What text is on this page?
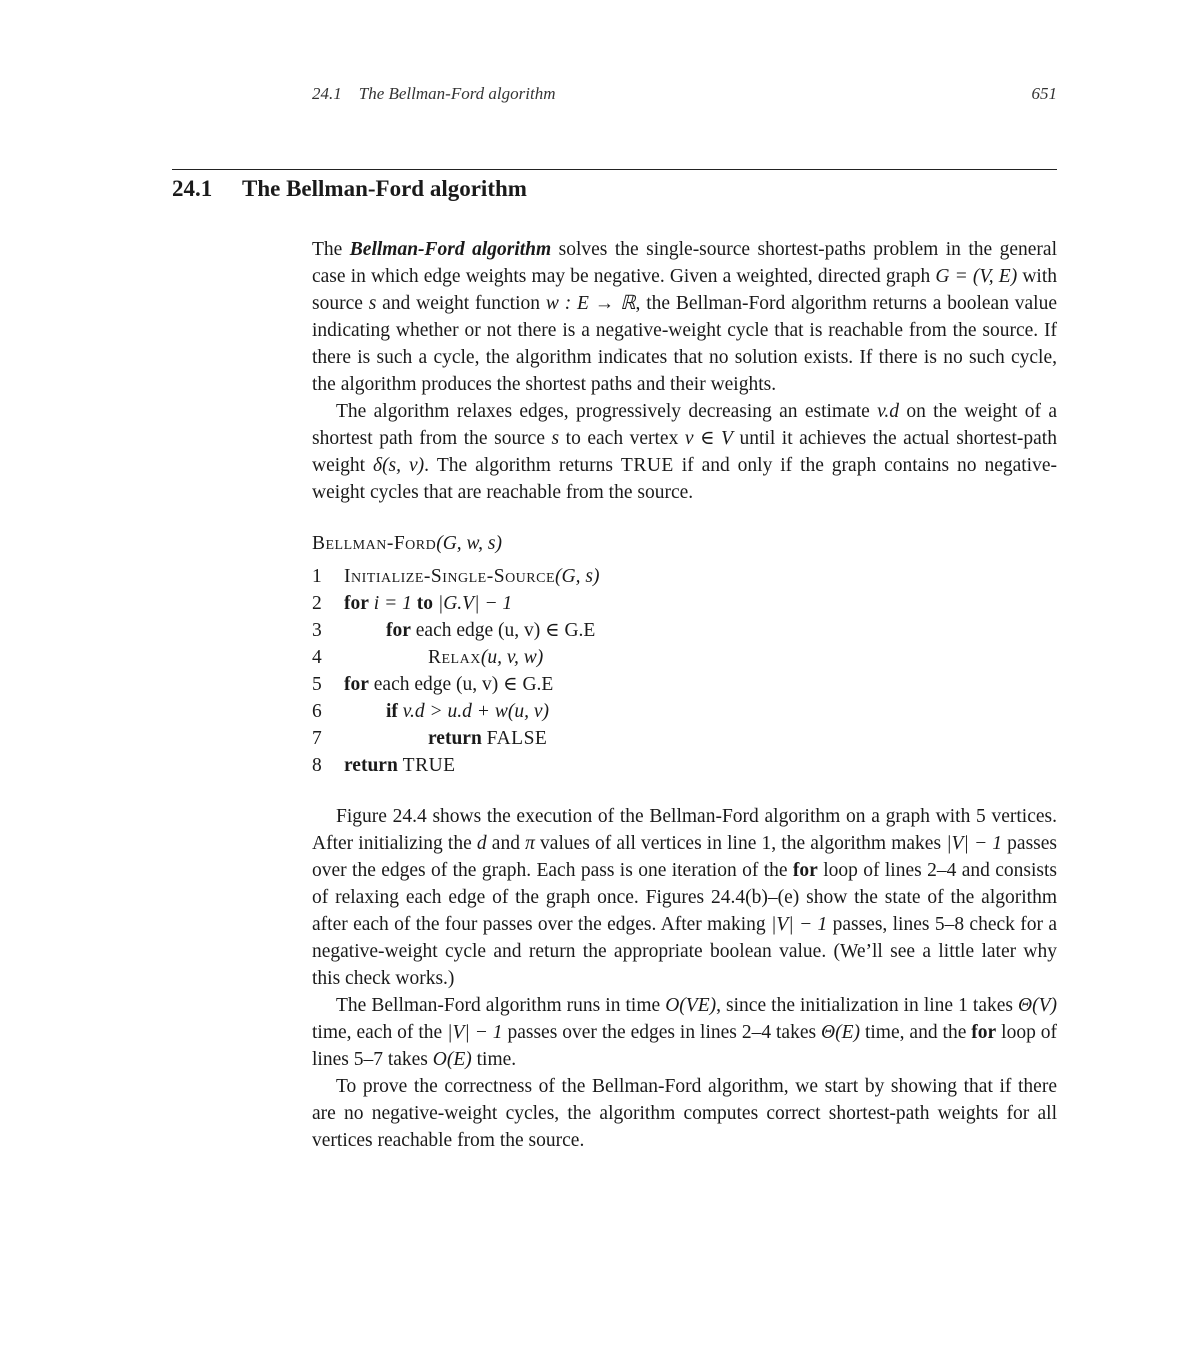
24.1    The Bellman-Ford algorithm	651
24.1 The Bellman-Ford algorithm

The Bellman-Ford algorithm solves the single-source shortest-paths problem in the general case in which edge weights may be negative. Given a weighted, directed graph G = (V, E) with source s and weight function w : E → ℝ, the Bellman-Ford algorithm returns a boolean value indicating whether or not there is a negative-weight cycle that is reachable from the source. If there is such a cycle, the algorithm indicates that no solution exists. If there is no such cycle, the algorithm produces the shortest paths and their weights.

The algorithm relaxes edges, progressively decreasing an estimate v.d on the weight of a shortest path from the source s to each vertex v ∈ V until it achieves the actual shortest-path weight δ(s, v). The algorithm returns TRUE if and only if the graph contains no negative-weight cycles that are reachable from the source.

Bellman-Ford(G, w, s)
1	Initialize-Single-Source(G, s)
2	for i = 1 to |G.V| − 1
3	for each edge (u, v) ∈ G.E
4	Relax(u, v, w)
5	for each edge (u, v) ∈ G.E
6	if v.d > u.d + w(u, v)
7	return FALSE
8	return TRUE

Figure 24.4 shows the execution of the Bellman-Ford algorithm on a graph with 5 vertices. After initializing the d and π values of all vertices in line 1, the algorithm makes |V| − 1 passes over the edges of the graph. Each pass is one iteration of the for loop of lines 2–4 and consists of relaxing each edge of the graph once. Figures 24.4(b)–(e) show the state of the algorithm after each of the four passes over the edges. After making |V| − 1 passes, lines 5–8 check for a negative-weight cycle and return the appropriate boolean value. (We’ll see a little later why this check works.)

The Bellman-Ford algorithm runs in time O(VE), since the initialization in line 1 takes Θ(V) time, each of the |V| − 1 passes over the edges in lines 2–4 takes Θ(E) time, and the for loop of lines 5–7 takes O(E) time.

To prove the correctness of the Bellman-Ford algorithm, we start by showing that if there are no negative-weight cycles, the algorithm computes correct shortest-path weights for all vertices reachable from the source.
